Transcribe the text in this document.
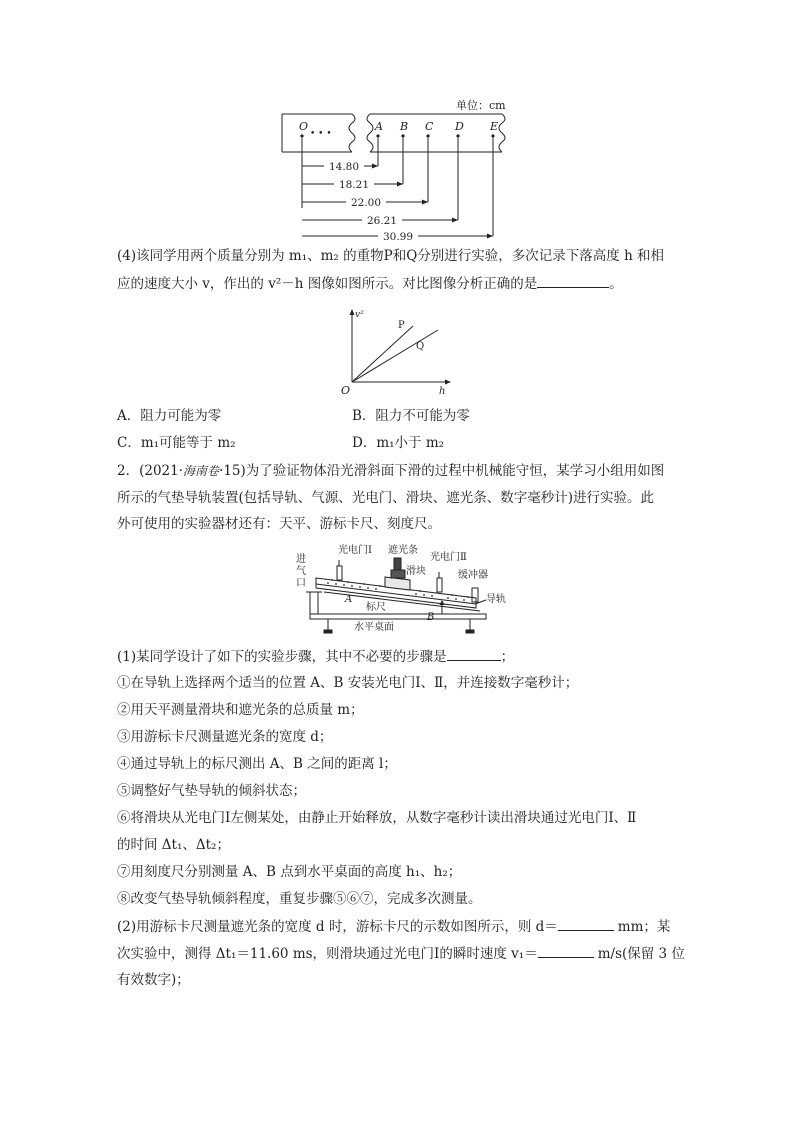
单位：cm
O
• • •
A B C D E
14.80
18.21
22.00
26.21
30.99
(4)该同学用两个质量分别为 m₁、m₂ 的重物P和Q分别进行实验，多次记录下落高度 h 和相
应的速度大小 v，作出的 v²－h 图像如图所示。对比图像分析正确的是	。
v²
h
O
P
Q
A．阻力可能为零	B．阻力不可能为零
C．m₁可能等于 m₂	D．m₁小于 m₂
2．(2021·海南卷·15)为了验证物体沿光滑斜面下滑的过程中机械能守恒，某学习小组用如图
所示的气垫导轨装置(包括导轨、气源、光电门、滑块、遮光条、数字毫秒计)进行实验。此
外可使用的实验器材还有：天平、游标卡尺、刻度尺。
光电门Ⅰ 遮光条
光电门Ⅱ
进
气
口
滑块	缓冲器
A
标尺
B
导轨
水平桌面
(1)某同学设计了如下的实验步骤，其中不必要的步骤是	；
①在导轨上选择两个适当的位置 A、B 安装光电门Ⅰ、Ⅱ，并连接数字毫秒计；
②用天平测量滑块和遮光条的总质量 m；
③用游标卡尺测量遮光条的宽度 d；
④通过导轨上的标尺测出 A、B 之间的距离 l；
⑤调整好气垫导轨的倾斜状态；
⑥将滑块从光电门Ⅰ左侧某处，由静止开始释放，从数字毫秒计读出滑块通过光电门Ⅰ、Ⅱ
的时间 Δt₁、Δt₂；
⑦用刻度尺分别测量 A、B 点到水平桌面的高度 h₁、h₂；
⑧改变气垫导轨倾斜程度，重复步骤⑤⑥⑦，完成多次测量。
(2)用游标卡尺测量遮光条的宽度 d 时，游标卡尺的示数如图所示，则 d＝	mm；某
次实验中，测得 Δt₁＝11.60 ms，则滑块通过光电门Ⅰ的瞬时速度 v₁＝	m/s(保留 3 位
有效数字)；
